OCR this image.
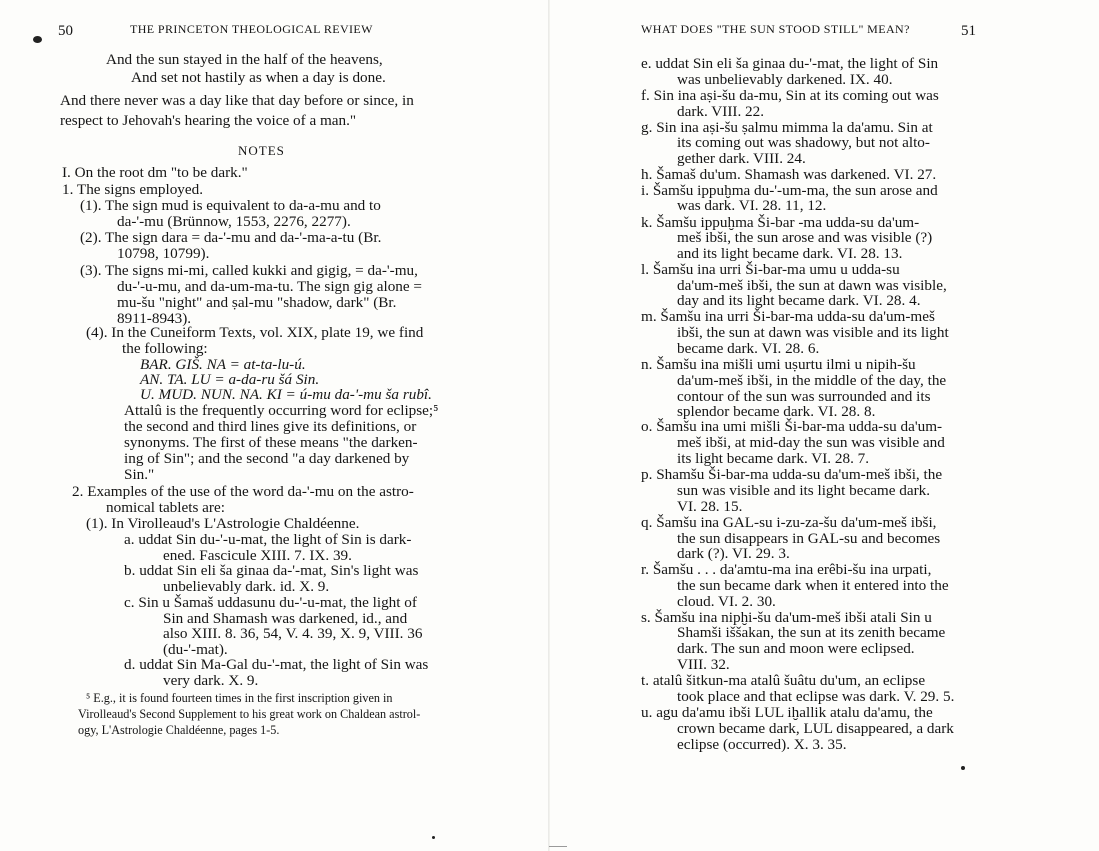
50	THE PRINCETON THEOLOGICAL REVIEW
And the sun stayed in the half of the heavens,
And set not hastily as when a day is done.
And there never was a day like that day before or since, in
respect to Jehovah's hearing the voice of a man."
NOTES
I. On the root dm "to be dark."
1. The signs employed.
(1). The sign mud is equivalent to da-a-mu and to
da-'-mu (Brünnow, 1553, 2276, 2277).
(2). The sign dara = da-'-mu and da-'-ma-a-tu (Br.
10798, 10799).
(3). The signs mi-mi, called kukki and gigig, = da-'-mu,
du-'-u-mu, and da-um-ma-tu. The sign gig alone =
mu-šu "night" and ṣal-mu "shadow, dark" (Br.
8911-8943).
(4). In the Cuneiform Texts, vol. XIX, plate 19, we find
the following:
BAR. GIŠ. NA = at-ta-lu-ú.
AN. TA. LU = a-da-ru šá Sin.
U. MUD. NUN. NA. KI = ú-mu da-'-mu ša rubî.
Attalû is the frequently occurring word for eclipse;⁵
the second and third lines give its definitions, or
synonyms. The first of these means "the darken-
ing of Sin"; and the second "a day darkened by
Sin."
2. Examples of the use of the word da-'-mu on the astro-
nomical tablets are:
(1). In Virolleaud's L'Astrologie Chaldéenne.
a. uddat Sin du-'-u-mat, the light of Sin is dark-
ened. Fascicule XIII. 7. IX. 39.
b. uddat Sin eli ša ginaa da-'-mat, Sin's light was
unbelievably dark. id. X. 9.
c. Sin u Šamaš uddasunu du-'-u-mat, the light of
Sin and Shamash was darkened, id., and
also XIII. 8. 36, 54, V. 4. 39, X. 9, VIII. 36
(du-'-mat).
d. uddat Sin Ma-Gal du-'-mat, the light of Sin was
very dark. X. 9.
⁵ E.g., it is found fourteen times in the first inscription given in
Virolleaud's Second Supplement to his great work on Chaldean astrol-
ogy, L'Astrologie Chaldéenne, pages 1-5.
WHAT DOES "THE SUN STOOD STILL" MEAN?	51
e. uddat Sin eli ša ginaa du-'-mat, the light of Sin
was unbelievably darkened. IX. 40.
f. Sin ina aṣi-šu da-mu, Sin at its coming out was
dark. VIII. 22.
g. Sin ina aṣi-šu ṣalmu mimma la da'amu. Sin at
its coming out was shadowy, but not alto-
gether dark. VIII. 24.
h. Šamaš du'um. Shamash was darkened. VI. 27.
i. Šamšu ippuḫma du-'-um-ma, the sun arose and
was dark. VI. 28. 11, 12.
k. Šamšu ippuḫma Ši-bar -ma udda-su da'um-
meš ibši, the sun arose and was visible (?)
and its light became dark. VI. 28. 13.
l. Šamšu ina urri Ši-bar-ma umu u udda-su
da'um-meš ibši, the sun at dawn was visible,
day and its light became dark. VI. 28. 4.
m. Šamšu ina urri Ši-bar-ma udda-su da'um-meš
ibši, the sun at dawn was visible and its light
became dark. VI. 28. 6.
n. Šamšu ina mišli umi uṣurtu ilmi u nipih-šu
da'um-meš ibši, in the middle of the day, the
contour of the sun was surrounded and its
splendor became dark. VI. 28. 8.
o. Šamšu ina umi mišli Ši-bar-ma udda-su da'um-
meš ibši, at mid-day the sun was visible and
its light became dark. VI. 28. 7.
p. Shamšu Ši-bar-ma udda-su da'um-meš ibši, the
sun was visible and its light became dark.
VI. 28. 15.
q. Šamšu ina GAL-su i-zu-za-šu da'um-meš ibši,
the sun disappears in GAL-su and becomes
dark (?). VI. 29. 3.
r. Šamšu . . . da'amtu-ma ina erêbi-šu ina urpati,
the sun became dark when it entered into the
cloud. VI. 2. 30.
s. Šamšu ina nipḫi-šu da'um-meš ibši atali Sin u
Shamši iššakan, the sun at its zenith became
dark. The sun and moon were eclipsed.
VIII. 32.
t. atalû šitkun-ma atalû šuâtu du'um, an eclipse
took place and that eclipse was dark. V. 29. 5.
u. agu da'amu ibši LUL iḫallik atalu da'amu, the
crown became dark, LUL disappeared, a dark
eclipse (occurred). X. 3. 35.
